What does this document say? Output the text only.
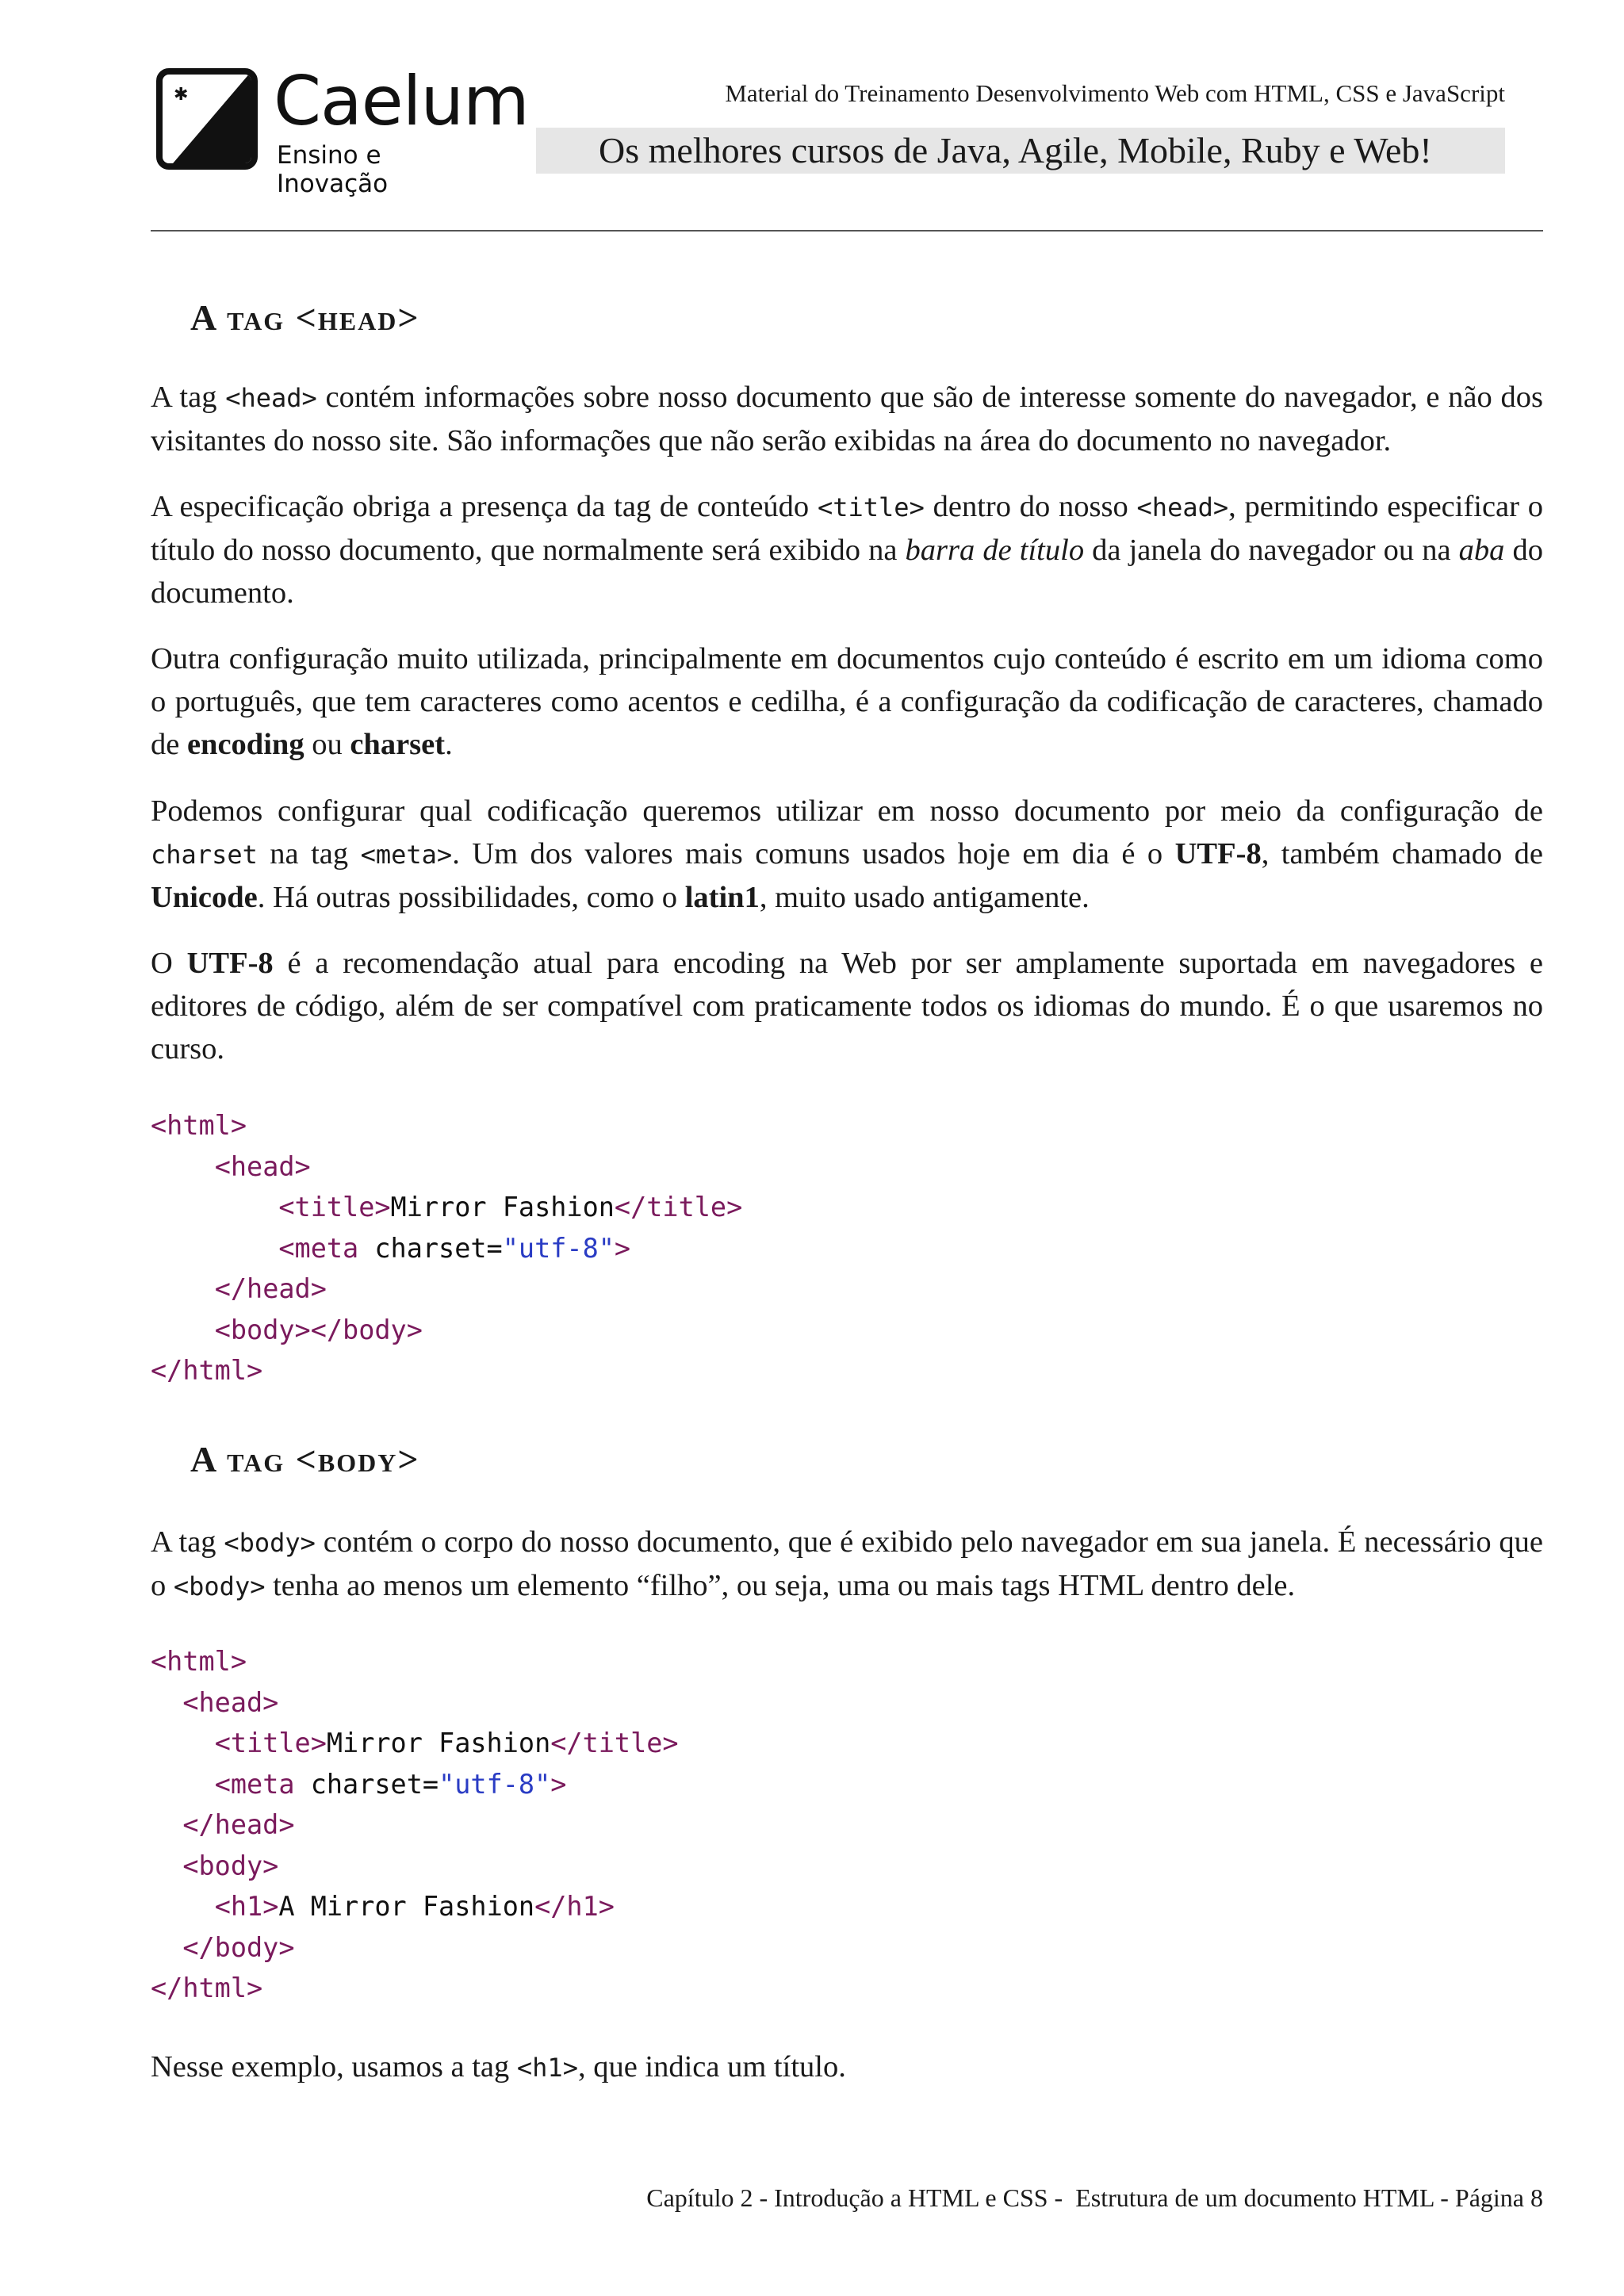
✱ Caelum
Ensino e Inovação
Material do Treinamento Desenvolvimento Web com HTML, CSS e JavaScript
Os melhores cursos de Java, Agile, Mobile, Ruby e Web!
A tag <head>
A tag <head> contém informações sobre nosso documento que são de interesse somente do navegador, e não dos visitantes do nosso site. São informações que não serão exibidas na área do documento no navegador.
A especificação obriga a presença da tag de conteúdo <title> dentro do nosso <head>, permitindo especificar o título do nosso documento, que normalmente será exibido na barra de título da janela do navegador ou na aba do documento.
Outra configuração muito utilizada, principalmente em documentos cujo conteúdo é escrito em um idioma como o português, que tem caracteres como acentos e cedilha, é a configuração da codificação de caracteres, chamado de encoding ou charset.
Podemos configurar qual codificação queremos utilizar em nosso documento por meio da configuração de charset na tag <meta>. Um dos valores mais comuns usados hoje em dia é o UTF-8, também chamado de Unicode. Há outras possibilidades, como o latin1, muito usado antigamente.
O UTF-8 é a recomendação atual para encoding na Web por ser amplamente suportada em navegadores e editores de código, além de ser compatível com praticamente todos os idiomas do mundo. É o que usaremos no curso.
<html>
<head>
<title>Mirror Fashion</title>
<meta charset="utf-8">
</head>
<body></body>
</html>
A tag <body>
A tag <body> contém o corpo do nosso documento, que é exibido pelo navegador em sua janela. É necessário que o <body> tenha ao menos um elemento “filho”, ou seja, uma ou mais tags HTML dentro dele.
<html>
<head>
<title>Mirror Fashion</title>
<meta charset="utf-8">
</head>
<body>
<h1>A Mirror Fashion</h1>
</body>
</html>
Nesse exemplo, usamos a tag <h1>, que indica um título.
Capítulo 2 - Introdução a HTML e CSS -  Estrutura de um documento HTML - Página 8
